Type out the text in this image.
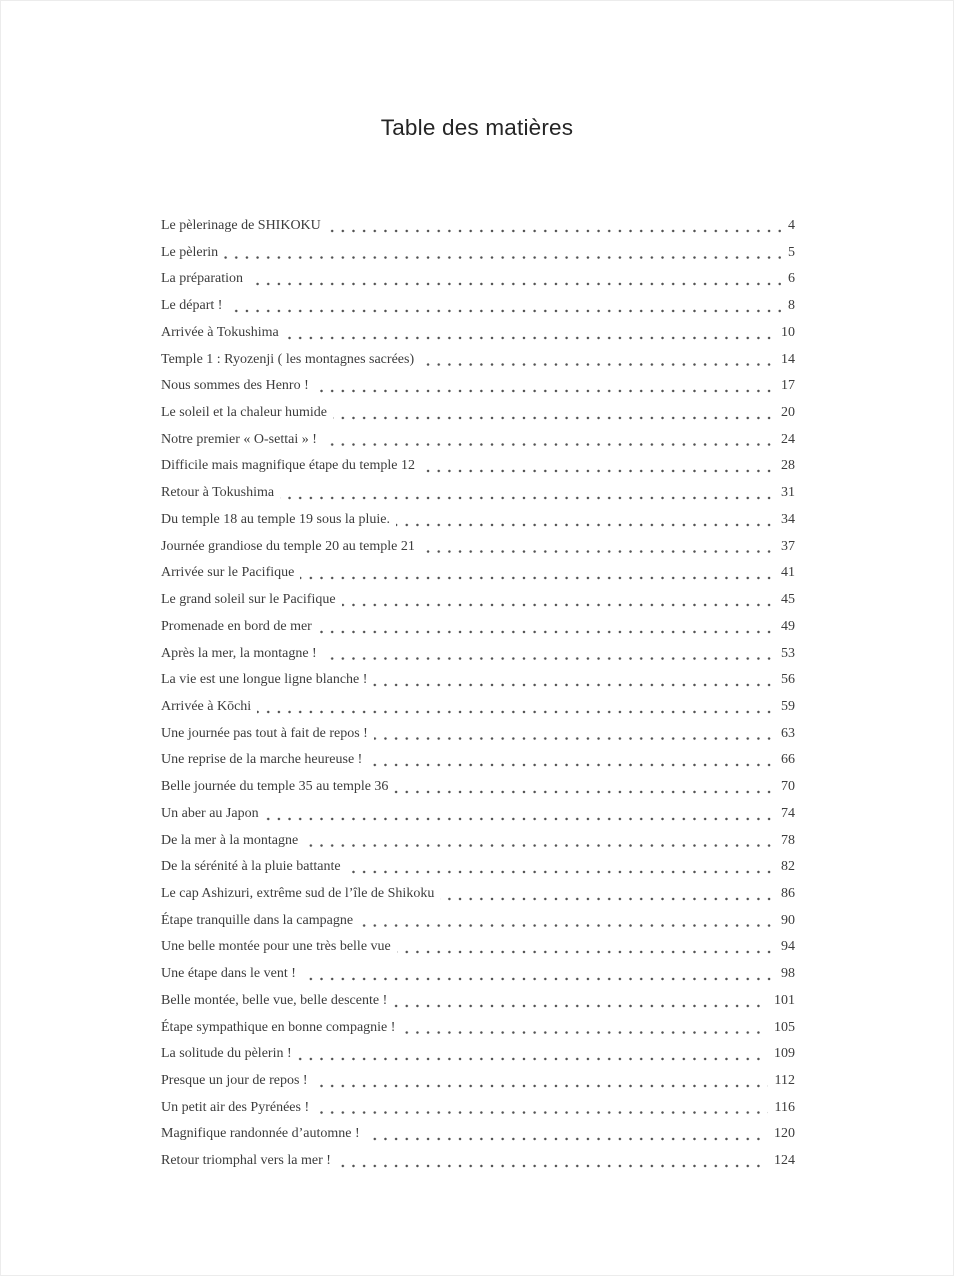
Table des matières
Le pèlerinage de SHIKOKU	4
Le pèlerin	5
La préparation	6
Le départ !	8
Arrivée à Tokushima	10
Temple 1 : Ryozenji ( les montagnes sacrées)	14
Nous sommes des Henro !	17
Le soleil et la chaleur humide	20
Notre premier « O-settai » !	24
Difficile mais magnifique étape du temple 12	28
Retour à Tokushima	31
Du temple 18 au temple 19 sous la pluie.	34
Journée grandiose du temple 20 au temple 21	37
Arrivée sur le Pacifique	41
Le grand soleil sur le Pacifique	45
Promenade en bord de mer	49
Après la mer, la montagne !	53
La vie est une longue ligne blanche !	56
Arrivée à Kōchi	59
Une journée pas tout à fait de repos !	63
Une reprise de la marche heureuse !	66
Belle journée du temple 35 au temple 36	70
Un aber au Japon	74
De la mer à la montagne	78
De la sérénité à la pluie battante	82
Le cap Ashizuri, extrême sud de l’île de Shikoku	86
Étape tranquille dans la campagne	90
Une belle montée pour une très belle vue	94
Une étape dans le vent !	98
Belle montée, belle vue, belle descente !	101
Étape sympathique en bonne compagnie !	105
La solitude du pèlerin !	109
Presque un jour de repos !	112
Un petit air des Pyrénées !	116
Magnifique randonnée d’automne !	120
Retour triomphal vers la mer !	124
